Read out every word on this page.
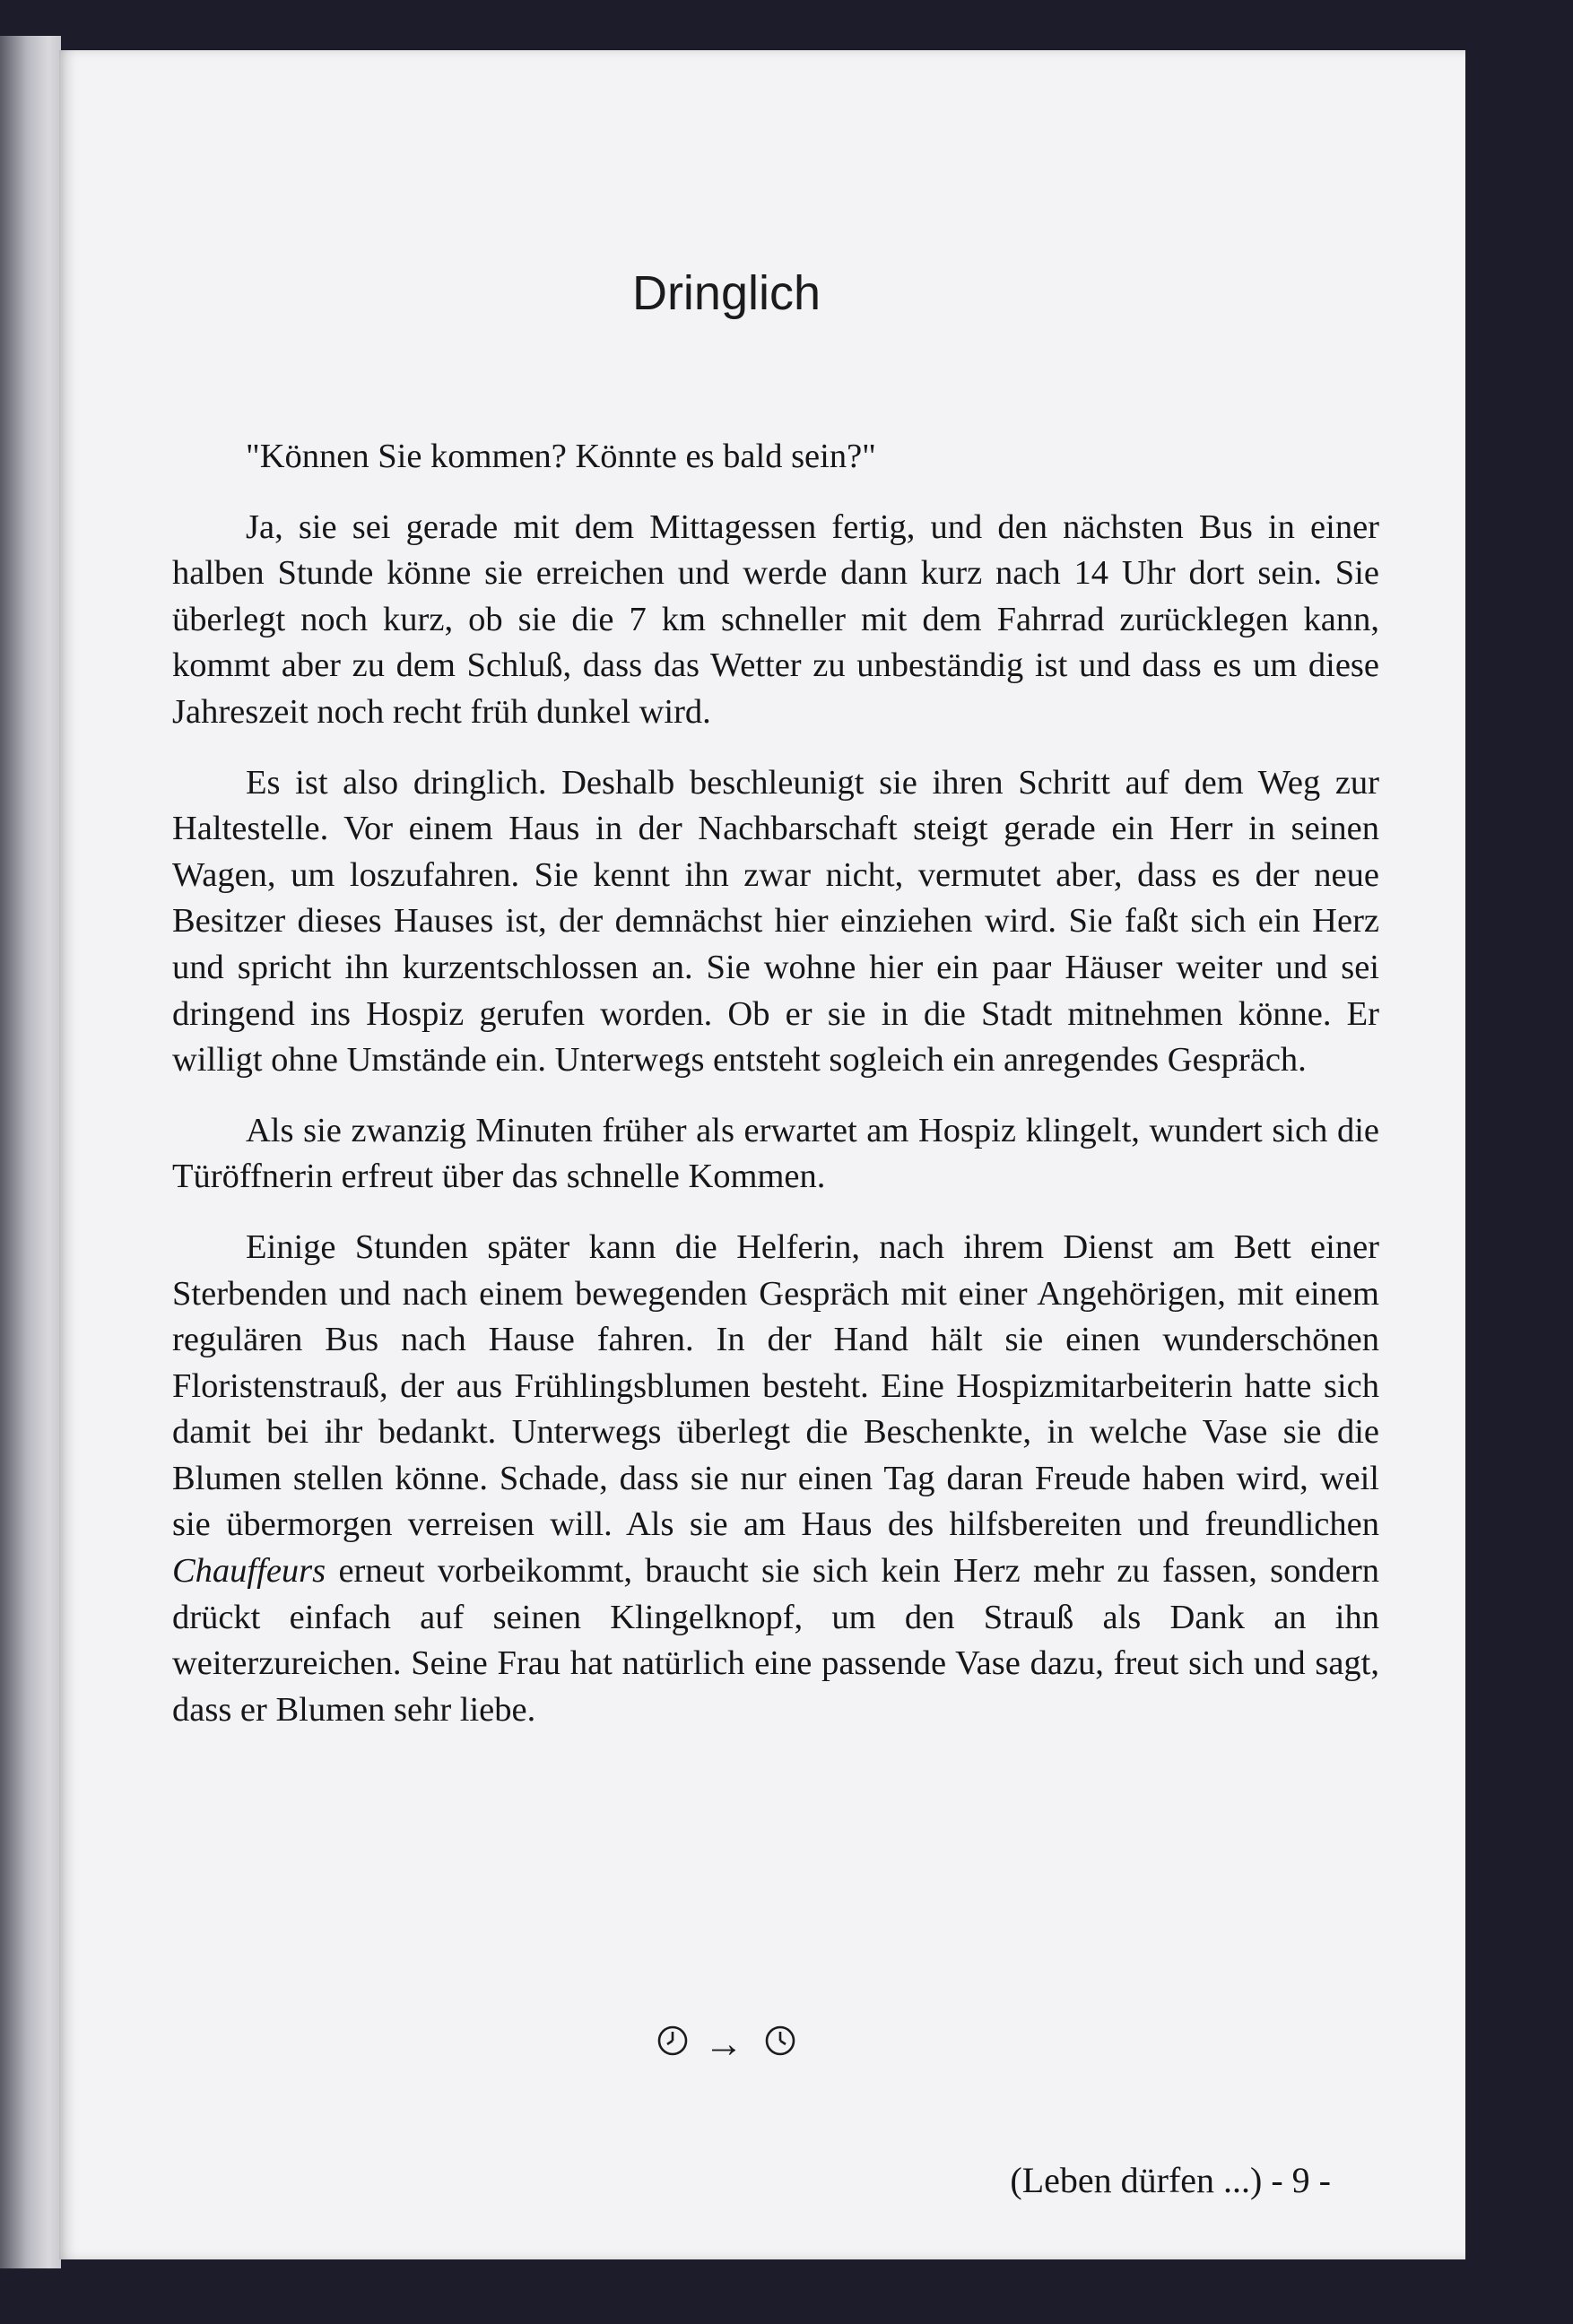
Dringlich

"Können Sie kommen? Könnte es bald sein?"

Ja, sie sei gerade mit dem Mittagessen fertig, und den nächsten Bus in einer halben Stunde könne sie erreichen und werde dann kurz nach 14 Uhr dort sein. Sie überlegt noch kurz, ob sie die 7 km schneller mit dem Fahrrad zurücklegen kann, kommt aber zu dem Schluß, dass das Wetter zu unbeständig ist und dass es um diese Jahreszeit noch recht früh dunkel wird.

Es ist also dringlich. Deshalb beschleunigt sie ihren Schritt auf dem Weg zur Haltestelle. Vor einem Haus in der Nachbarschaft steigt gerade ein Herr in seinen Wagen, um loszufahren. Sie kennt ihn zwar nicht, vermutet aber, dass es der neue Besitzer dieses Hauses ist, der demnächst hier einziehen wird. Sie faßt sich ein Herz und spricht ihn kurzentschlossen an. Sie wohne hier ein paar Häuser weiter und sei dringend ins Hospiz gerufen worden. Ob er sie in die Stadt mitnehmen könne. Er willigt ohne Umstände ein. Unterwegs entsteht sogleich ein anregendes Gespräch.

Als sie zwanzig Minuten früher als erwartet am Hospiz klingelt, wundert sich die Türöffnerin erfreut über das schnelle Kommen.

Einige Stunden später kann die Helferin, nach ihrem Dienst am Bett einer Sterbenden und nach einem bewegenden Gespräch mit einer Angehörigen, mit einem regulären Bus nach Hause fahren. In der Hand hält sie einen wunderschönen Floristenstrauß, der aus Frühlingsblumen besteht. Eine Hospizmitarbeiterin hatte sich damit bei ihr bedankt. Unterwegs überlegt die Beschenkte, in welche Vase sie die Blumen stellen könne. Schade, dass sie nur einen Tag daran Freude haben wird, weil sie übermorgen verreisen will. Als sie am Haus des hilfsbereiten und freundlichen Chauffeurs erneut vorbeikommt, braucht sie sich kein Herz mehr zu fassen, sondern drückt einfach auf seinen Klingelknopf, um den Strauß als Dank an ihn weiterzureichen. Seine Frau hat natürlich eine passende Vase dazu, freut sich und sagt, dass er Blumen sehr liebe.

→
(Leben dürfen ...) - 9 -
